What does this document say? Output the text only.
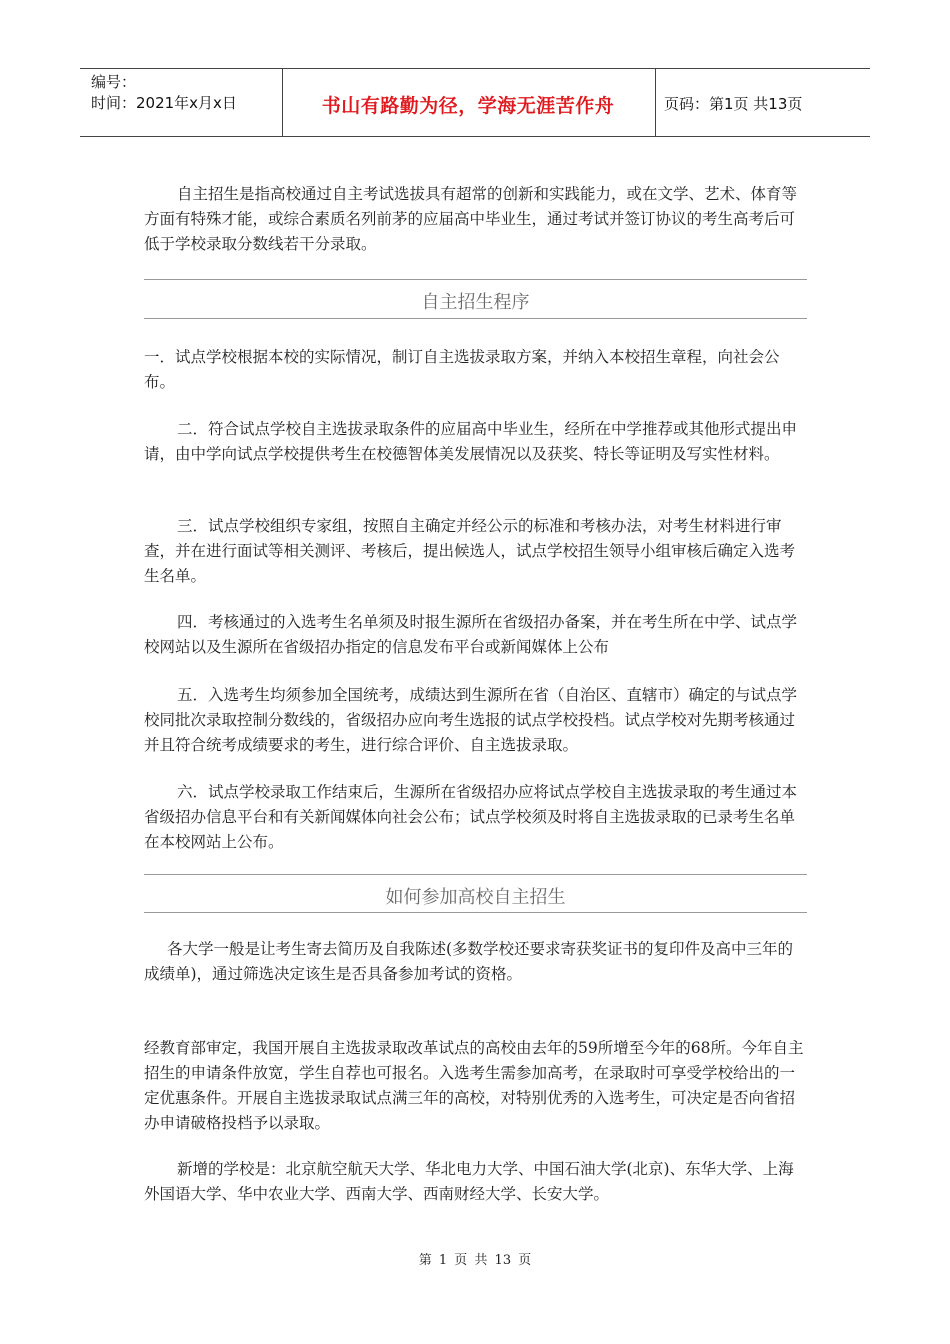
编号：
时间：2021年x月x日	书山有路勤为径，学海无涯苦作舟	页码：第1页 共13页
自主招生是指高校通过自主考试选拔具有超常的创新和实践能力，或在文学、艺术、体育等方面有特殊才能，或综合素质名列前茅的应届高中毕业生，通过考试并签订协议的考生高考后可低于学校录取分数线若干分录取。
自主招生程序
一．试点学校根据本校的实际情况，制订自主选拔录取方案，并纳入本校招生章程，向社会公布。
二．符合试点学校自主选拔录取条件的应届高中毕业生，经所在中学推荐或其他形式提出申请，由中学向试点学校提供考生在校德智体美发展情况以及获奖、特长等证明及写实性材料。
三．试点学校组织专家组，按照自主确定并经公示的标准和考核办法，对考生材料进行审查，并在进行面试等相关测评、考核后，提出候选人，试点学校招生领导小组审核后确定入选考生名单。
四．考核通过的入选考生名单须及时报生源所在省级招办备案，并在考生所在中学、试点学校网站以及生源所在省级招办指定的信息发布平台或新闻媒体上公布
五．入选考生均须参加全国统考，成绩达到生源所在省（自治区、直辖市）确定的与试点学校同批次录取控制分数线的，省级招办应向考生选报的试点学校投档。试点学校对先期考核通过并且符合统考成绩要求的考生，进行综合评价、自主选拔录取。
六．试点学校录取工作结束后，生源所在省级招办应将试点学校自主选拔录取的考生通过本省级招办信息平台和有关新闻媒体向社会公布；试点学校须及时将自主选拔录取的已录考生名单在本校网站上公布。
如何参加高校自主招生
各大学一般是让考生寄去简历及自我陈述(多数学校还要求寄获奖证书的复印件及高中三年的成绩单)，通过筛选决定该生是否具备参加考试的资格。
经教育部审定，我国开展自主选拔录取改革试点的高校由去年的59所增至今年的68所。今年自主招生的申请条件放宽，学生自荐也可报名。入选考生需参加高考，在录取时可享受学校给出的一定优惠条件。开展自主选拔录取试点满三年的高校，对特别优秀的入选考生，可决定是否向省招办申请破格投档予以录取。
新增的学校是：北京航空航天大学、华北电力大学、中国石油大学(北京)、东华大学、上海外国语大学、华中农业大学、西南大学、西南财经大学、长安大学。
第 1 页 共 13 页
